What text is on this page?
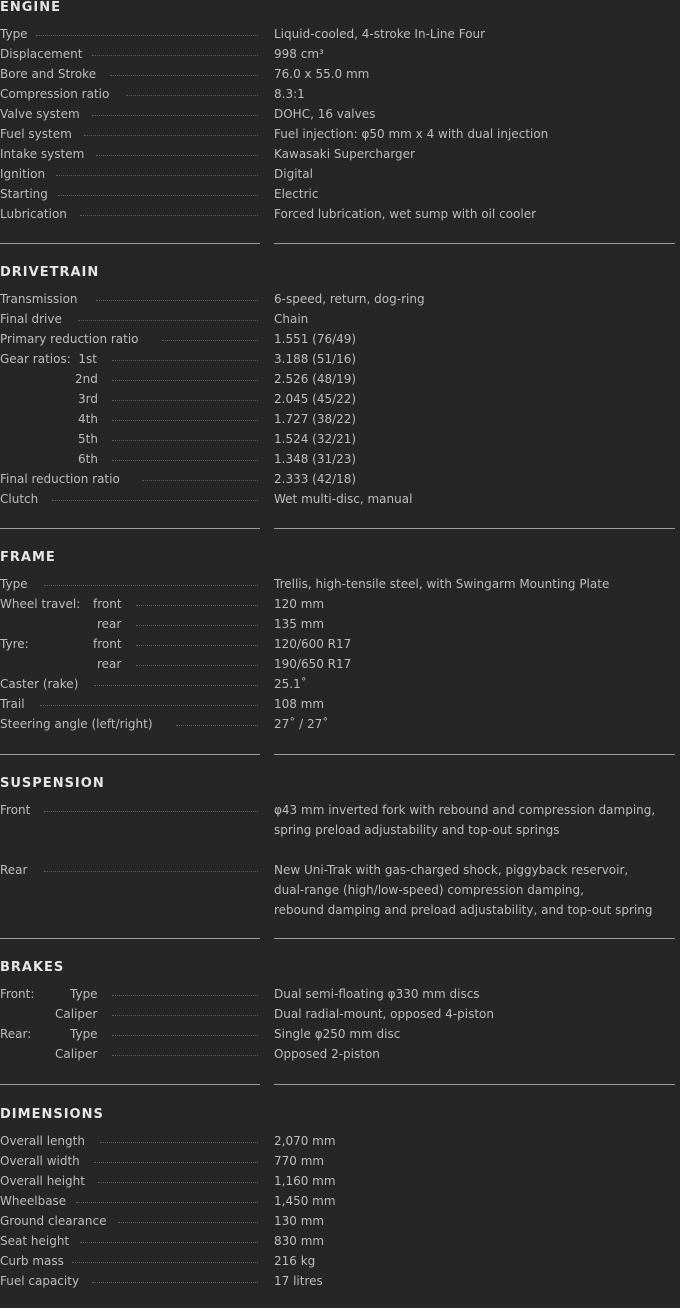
ENGINE
Type	Liquid-cooled, 4-stroke In-Line Four
Displacement	998 cm³
Bore and Stroke	76.0 x 55.0 mm
Compression ratio	8.3:1
Valve system	DOHC, 16 valves
Fuel system	Fuel injection: φ50 mm x 4 with dual injection
Intake system	Kawasaki Supercharger
Ignition	Digital
Starting	Electric
Lubrication	Forced lubrication, wet sump with oil cooler
DRIVETRAIN
Transmission	6-speed, return, dog-ring
Final drive	Chain
Primary reduction ratio	1.551 (76/49)
Gear ratios:  1st	3.188 (51/16)
2nd	2.526 (48/19)
3rd	2.045 (45/22)
4th	1.727 (38/22)
5th	1.524 (32/21)
6th	1.348 (31/23)
Final reduction ratio	2.333 (42/18)
Clutch	Wet multi-disc, manual
FRAME
Type	Trellis, high-tensile steel, with Swingarm Mounting Plate
Wheel travel: front	120 mm
rear	135 mm
Tyre:	front	120/600 R17
rear	190/650 R17
Caster (rake)	25.1˚
Trail	108 mm
Steering angle (left/right)	27˚ / 27˚
SUSPENSION
Front	φ43 mm inverted fork with rebound and compression damping,
spring preload adjustability and top-out springs
Rear	New Uni-Trak with gas-charged shock, piggyback reservoir,
dual-range (high/low-speed) compression damping,
rebound damping and preload adjustability, and top-out spring
BRAKES
Front:	Type	Dual semi-floating φ330 mm discs
Caliper	Dual radial-mount, opposed 4-piston
Rear:	Type	Single φ250 mm disc
Caliper	Opposed 2-piston
DIMENSIONS
Overall length	2,070 mm
Overall width	770 mm
Overall height	1,160 mm
Wheelbase	1,450 mm
Ground clearance	130 mm
Seat height	830 mm
Curb mass	216 kg
Fuel capacity	17 litres
